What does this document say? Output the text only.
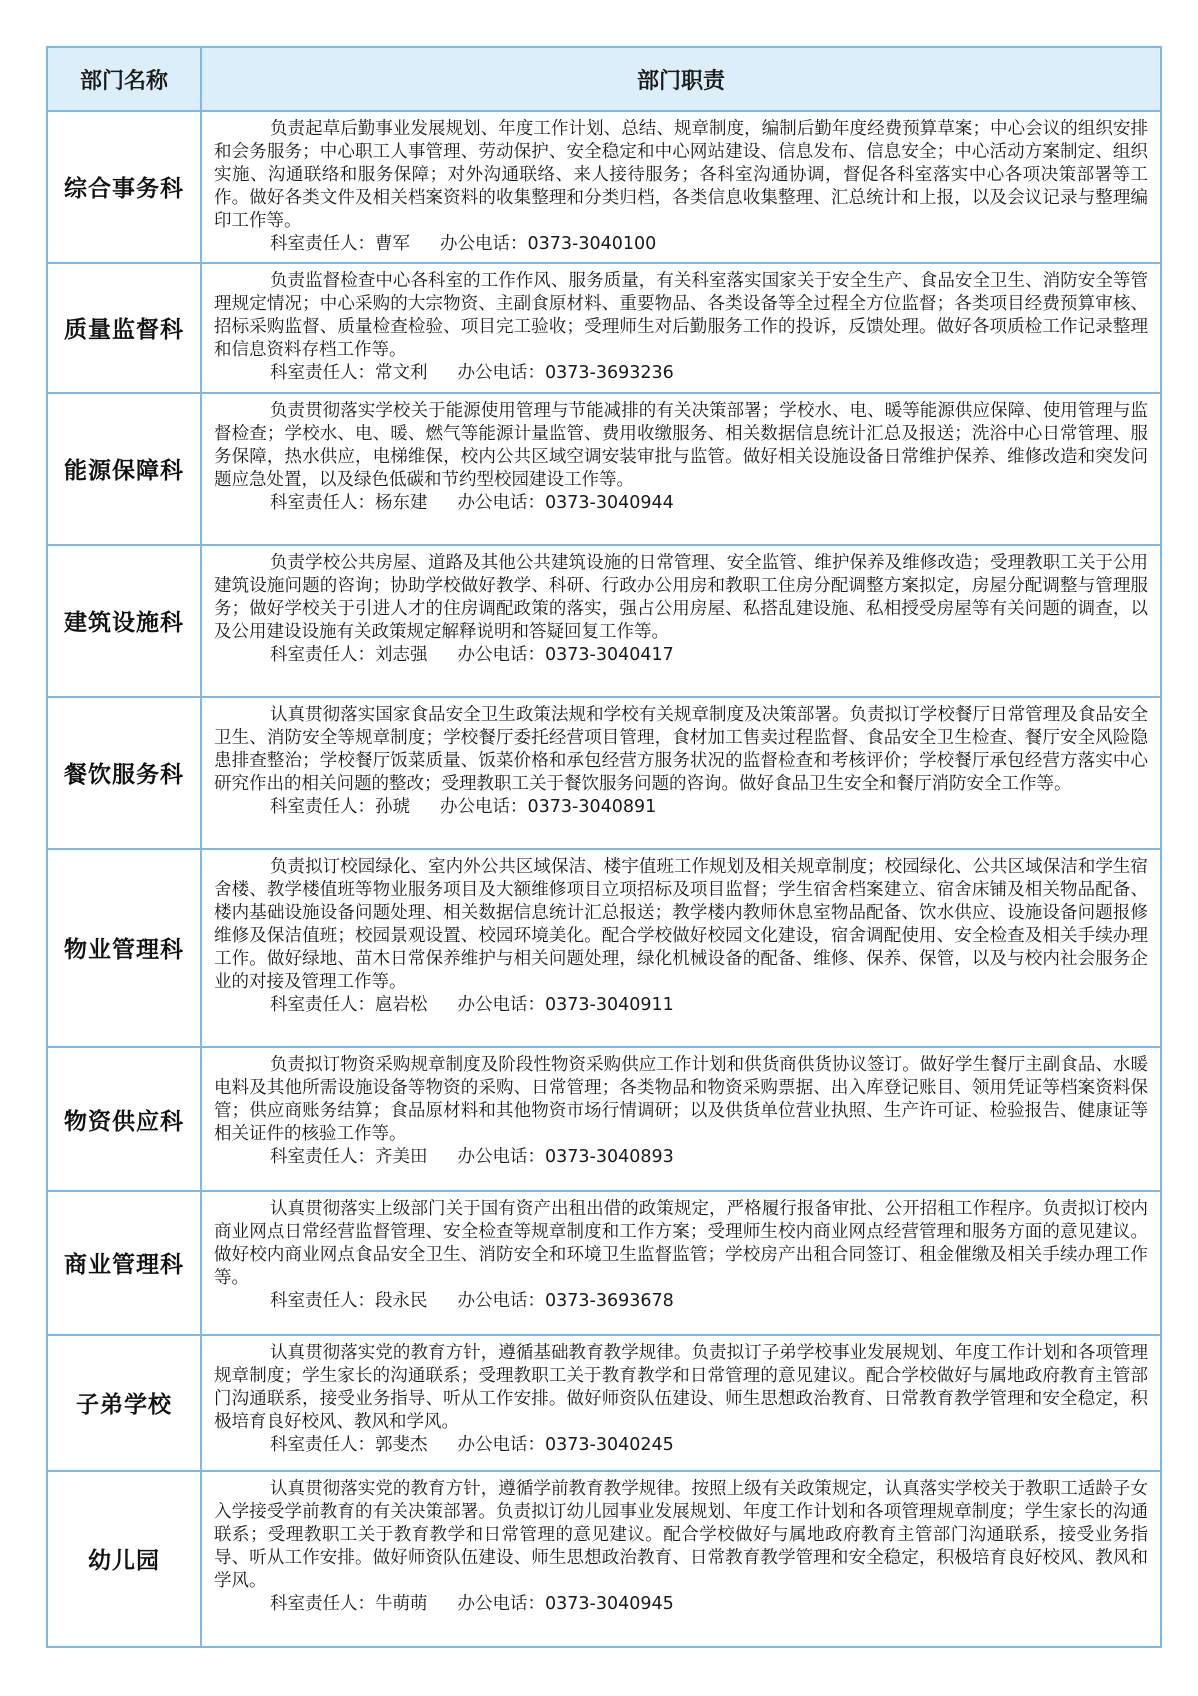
部门名称	部门职责
综合事务科	负责起草后勤事业发展规划、年度工作计划、总结、规章制度，编制后勤年度经费预算草案；中心会议的组织安排和会务服务；中心职工人事管理、劳动保护、安全稳定和中心网站建设、信息发布、信息安全；中心活动方案制定、组织实施、沟通联络和服务保障；对外沟通联络、来人接待服务；各科室沟通协调，督促各科室落实中心各项决策部署等工作。做好各类文件及相关档案资料的收集整理和分类归档，各类信息收集整理、汇总统计和上报，以及会议记录与整理编印工作等。

科室责任人：曹军 办公电话：0373-3040100

质量监督科	负责监督检查中心各科室的工作作风、服务质量，有关科室落实国家关于安全生产、食品安全卫生、消防安全等管理规定情况；中心采购的大宗物资、主副食原材料、重要物品、各类设备等全过程全方位监督；各类项目经费预算审核、招标采购监督、质量检查检验、项目完工验收；受理师生对后勤服务工作的投诉，反馈处理。做好各项质检工作记录整理和信息资料存档工作等。

科室责任人：常文利 办公电话：0373-3693236

能源保障科	负责贯彻落实学校关于能源使用管理与节能减排的有关决策部署；学校水、电、暖等能源供应保障、使用管理与监督检查；学校水、电、暖、燃气等能源计量监管、费用收缴服务、相关数据信息统计汇总及报送；洗浴中心日常管理、服务保障，热水供应，电梯维保，校内公共区域空调安装审批与监管。做好相关设施设备日常维护保养、维修改造和突发问题应急处置，以及绿色低碳和节约型校园建设工作等。

科室责任人：杨东建 办公电话：0373-3040944

建筑设施科	负责学校公共房屋、道路及其他公共建筑设施的日常管理、安全监管、维护保养及维修改造；受理教职工关于公用建筑设施问题的咨询；协助学校做好教学、科研、行政办公用房和教职工住房分配调整方案拟定，房屋分配调整与管理服务；做好学校关于引进人才的住房调配政策的落实，强占公用房屋、私搭乱建设施、私相授受房屋等有关问题的调查，以及公用建设设施有关政策规定解释说明和答疑回复工作等。

科室责任人：刘志强 办公电话：0373-3040417

餐饮服务科	认真贯彻落实国家食品安全卫生政策法规和学校有关规章制度及决策部署。负责拟订学校餐厅日常管理及食品安全卫生、消防安全等规章制度；学校餐厅委托经营项目管理，食材加工售卖过程监督、食品安全卫生检查、餐厅安全风险隐患排查整治；学校餐厅饭菜质量、饭菜价格和承包经营方服务状况的监督检查和考核评价；学校餐厅承包经营方落实中心研究作出的相关问题的整改；受理教职工关于餐饮服务问题的咨询。做好食品卫生安全和餐厅消防安全工作等。

科室责任人：孙琥 办公电话：0373-3040891

物业管理科	负责拟订校园绿化、室内外公共区域保洁、楼宇值班工作规划及相关规章制度；校园绿化、公共区域保洁和学生宿舍楼、教学楼值班等物业服务项目及大额维修项目立项招标及项目监督；学生宿舍档案建立、宿舍床铺及相关物品配备、楼内基础设施设备问题处理、相关数据信息统计汇总报送；教学楼内教师休息室物品配备、饮水供应、设施设备问题报修维修及保洁值班；校园景观设置、校园环境美化。配合学校做好校园文化建设，宿舍调配使用、安全检查及相关手续办理工作。做好绿地、苗木日常保养维护与相关问题处理，绿化机械设备的配备、维修、保养、保管，以及与校内社会服务企业的对接及管理工作等。

科室责任人：扈岩松 办公电话：0373-3040911

物资供应科	负责拟订物资采购规章制度及阶段性物资采购供应工作计划和供货商供货协议签订。做好学生餐厅主副食品、水暖电料及其他所需设施设备等物资的采购、日常管理；各类物品和物资采购票据、出入库登记账目、领用凭证等档案资料保管；供应商账务结算；食品原材料和其他物资市场行情调研；以及供货单位营业执照、生产许可证、检验报告、健康证等相关证件的核验工作等。

科室责任人：齐美田 办公电话：0373-3040893

商业管理科	认真贯彻落实上级部门关于国有资产出租出借的政策规定，严格履行报备审批、公开招租工作程序。负责拟订校内商业网点日常经营监督管理、安全检查等规章制度和工作方案；受理师生校内商业网点经营管理和服务方面的意见建议。做好校内商业网点食品安全卫生、消防安全和环境卫生监督监管；学校房产出租合同签订、租金催缴及相关手续办理工作等。

科室责任人：段永民 办公电话：0373-3693678

子弟学校	认真贯彻落实党的教育方针，遵循基础教育教学规律。负责拟订子弟学校事业发展规划、年度工作计划和各项管理规章制度；学生家长的沟通联系；受理教职工关于教育教学和日常管理的意见建议。配合学校做好与属地政府教育主管部门沟通联系，接受业务指导、听从工作安排。做好师资队伍建设、师生思想政治教育、日常教育教学管理和安全稳定，积极培育良好校风、教风和学风。

科室责任人：郭斐杰 办公电话：0373-3040245

幼儿园	认真贯彻落实党的教育方针，遵循学前教育教学规律。按照上级有关政策规定，认真落实学校关于教职工适龄子女入学接受学前教育的有关决策部署。负责拟订幼儿园事业发展规划、年度工作计划和各项管理规章制度；学生家长的沟通联系；受理教职工关于教育教学和日常管理的意见建议。配合学校做好与属地政府教育主管部门沟通联系，接受业务指导、听从工作安排。做好师资队伍建设、师生思想政治教育、日常教育教学管理和安全稳定，积极培育良好校风、教风和学风。

科室责任人：牛萌萌 办公电话：0373-3040945
